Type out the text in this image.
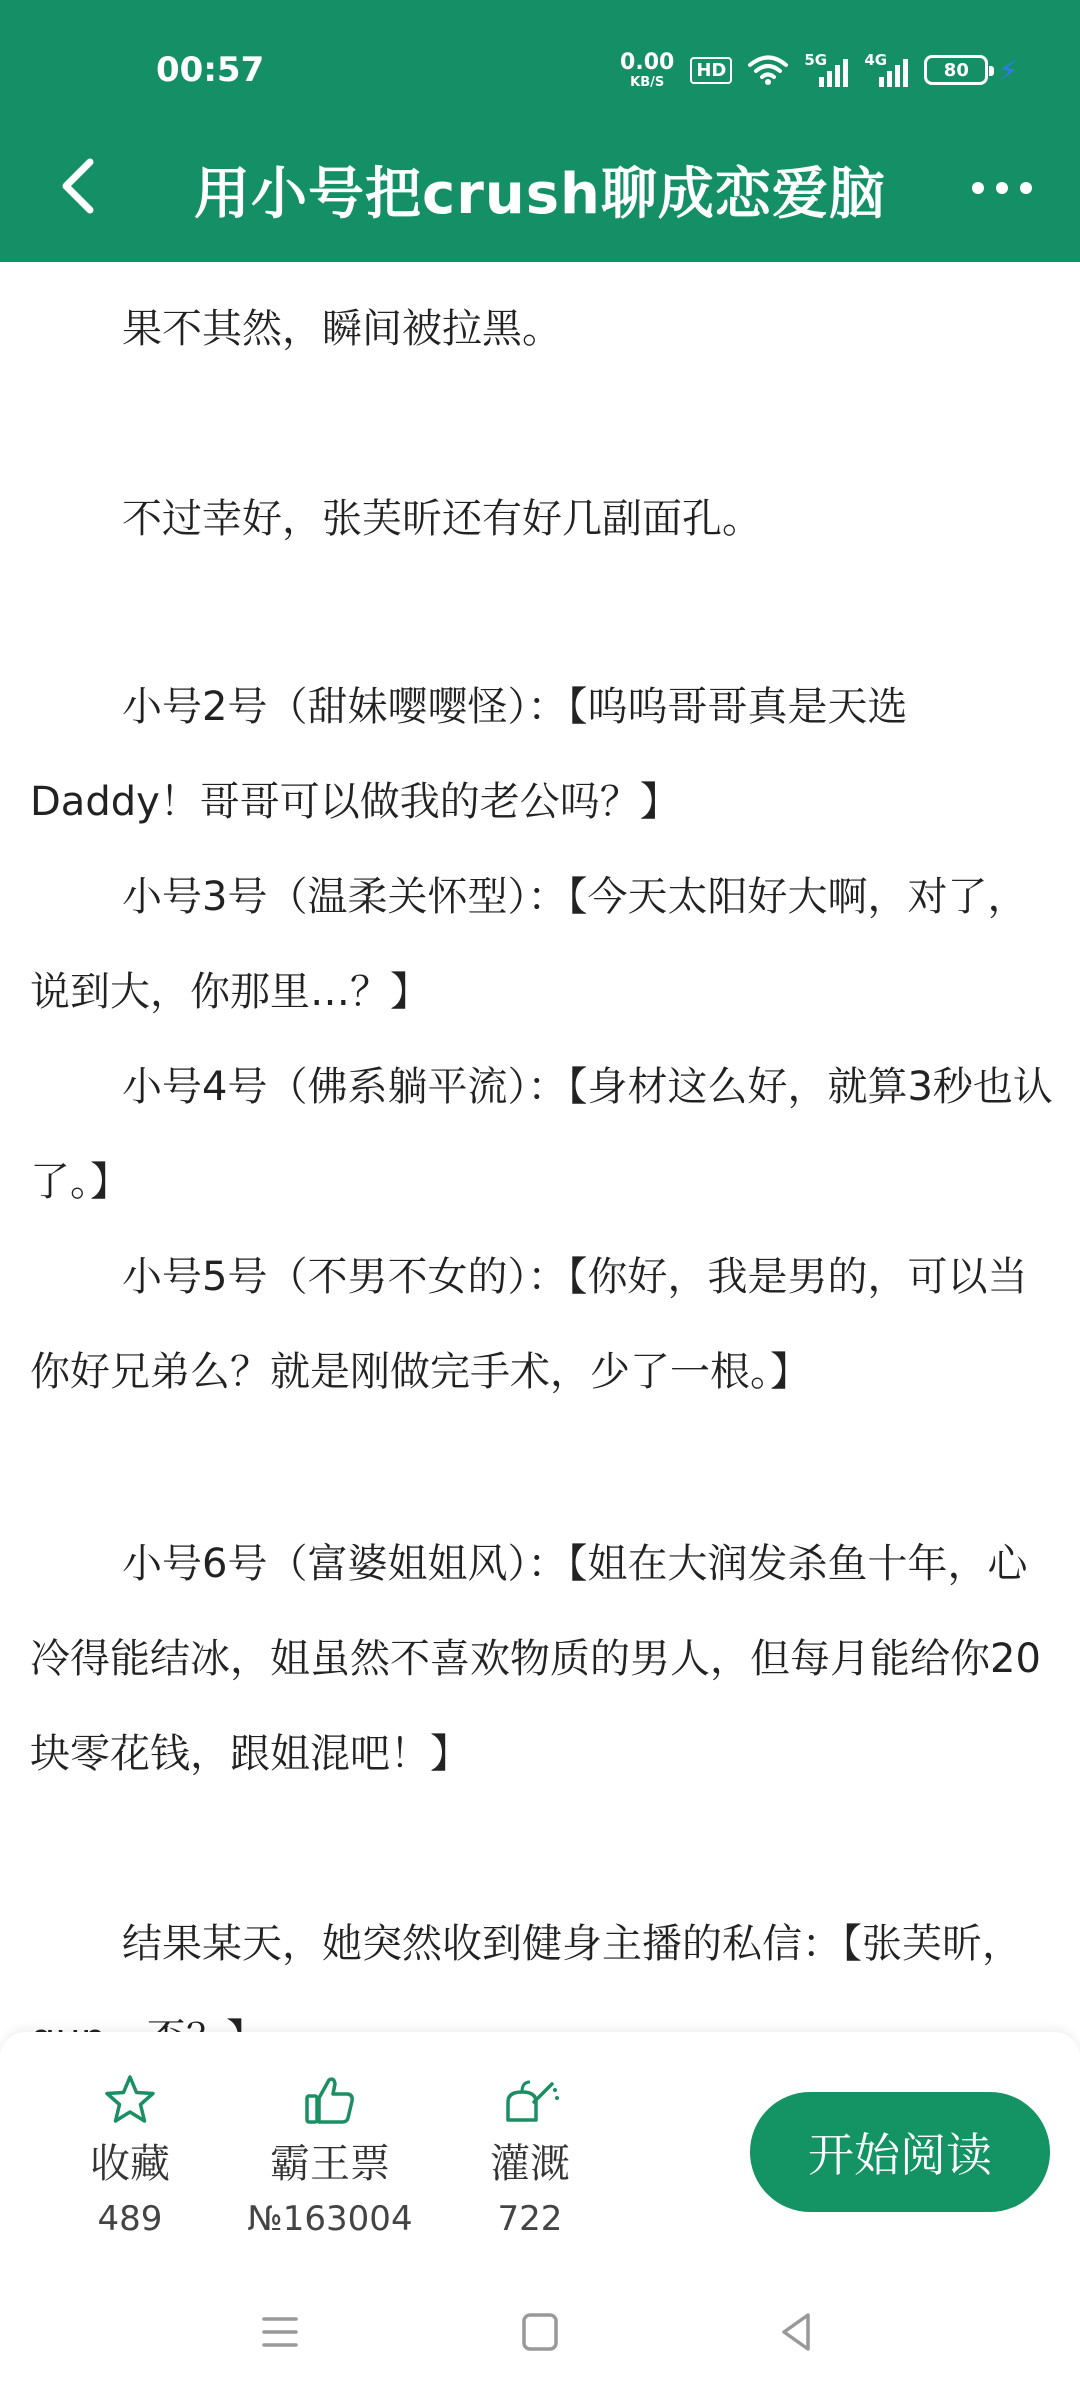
00:57	0.00
KB/S
HD	5G 4G	80 ⚡
用小号把crush聊成恋爱脑

果不其然，瞬间被拉黑。

不过幸好，张芙昕还有好几副面孔。

小号2号（甜妹嘤嘤怪）：【呜呜哥哥真是天选Daddy！哥哥可以做我的老公吗？】

小号3号（温柔关怀型）：【今天太阳好大啊，对了，说到大，你那里…？】

小号4号（佛系躺平流）：【身材这么好，就算3秒也认了。】

小号5号（不男不女的）：【你好，我是男的，可以当你好兄弟么？就是刚做完手术，少了一根。】

小号6号（富婆姐姐风）：【姐在大润发杀鱼十年，心冷得能结冰，姐虽然不喜欢物质的男人，但每月能给你20块零花钱，跟姐混吧！】

结果某天，她突然收到健身主播的私信：【张芙昕，

收藏
489
霸王票
№163004
灌溉
722
开始阅读
